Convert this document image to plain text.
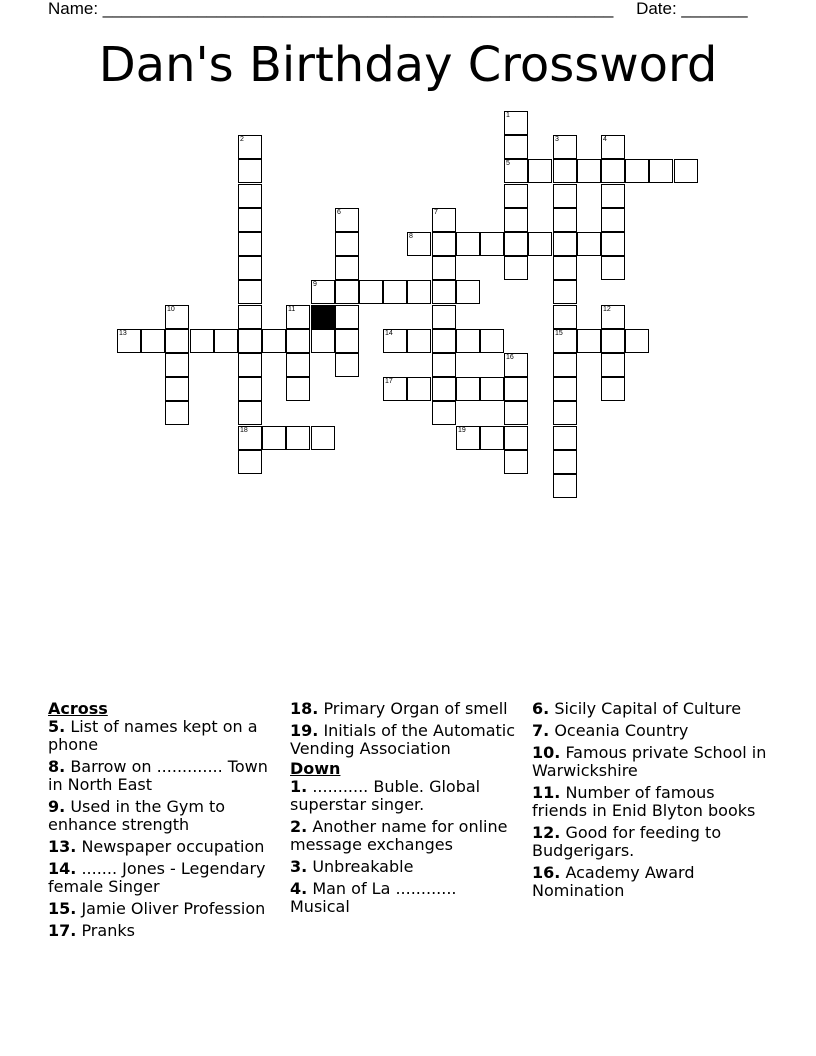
Name: ______________________________________________________ Date: _______
Dan's Birthday Crossword
5
8
9
13	14	15
17
18	19
1
2	3	4
6	7
10	11	12
16
Across
5. List of names kept on a phone
8. Barrow on ............. Town in North East
9. Used in the Gym to enhance strength
13. Newspaper occupation
14. ....... Jones - Legendary female Singer
15. Jamie Oliver Profession
17. Pranks
18. Primary Organ of smell
19. Initials of the Automatic Vending Association
Down
1. ........... Buble. Global superstar singer.
2. Another name for online message exchanges
3. Unbreakable
4. Man of La ............ Musical
6. Sicily Capital of Culture
7. Oceania Country
10. Famous private School in Warwickshire
11. Number of famous friends in Enid Blyton books
12. Good for feeding to Budgerigars.
16. Academy Award Nomination
